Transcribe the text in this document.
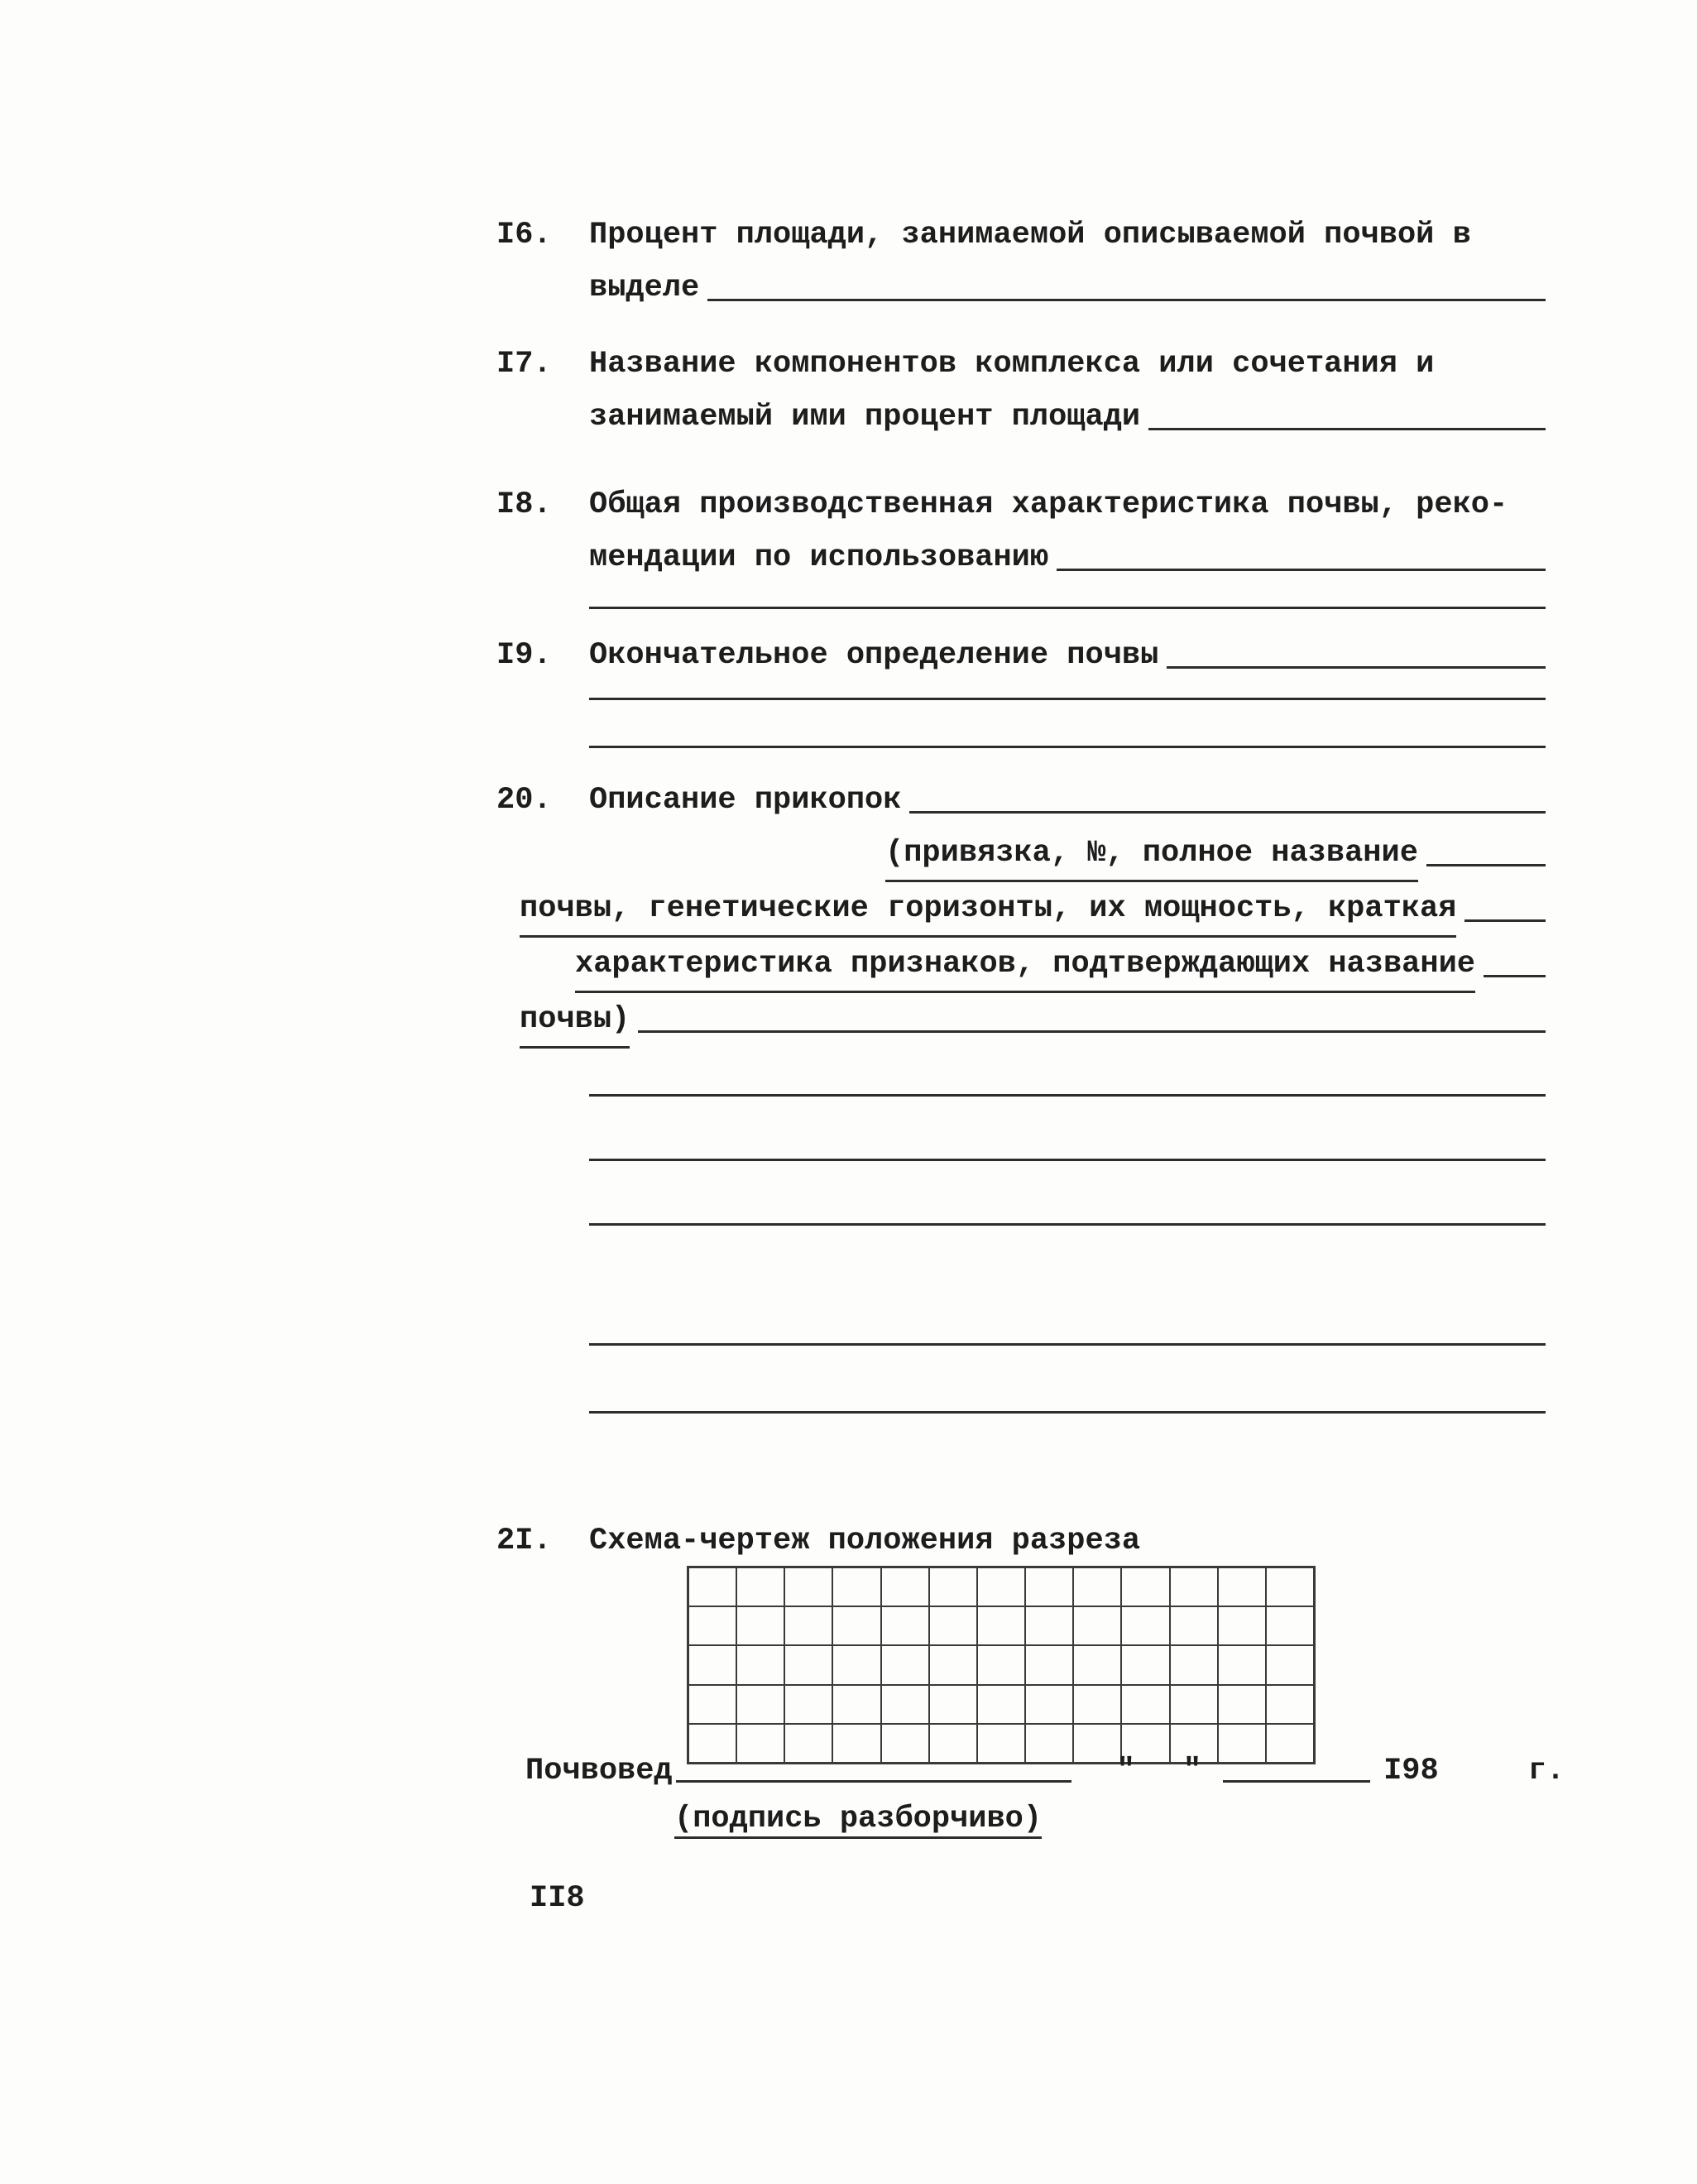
I6.	Процент площади, занимаемой описываемой почвой в
выделе
I7.	Название компонентов комплекса или сочетания и
занимаемый ими процент площади
I8.	Общая производственная характеристика почвы, реко-
мендации по использованию
I9.	Окончательное определение почвы
20.	Описание прикопок
(привязка, №, полное название
почвы, генетические горизонты, их мощность, краткая
характеристика признаков, подтверждающих название
почвы)
2I.	Схема-чертеж положения разреза
Почвовед	" "	I98	г.
(подпись разборчиво)
II8
